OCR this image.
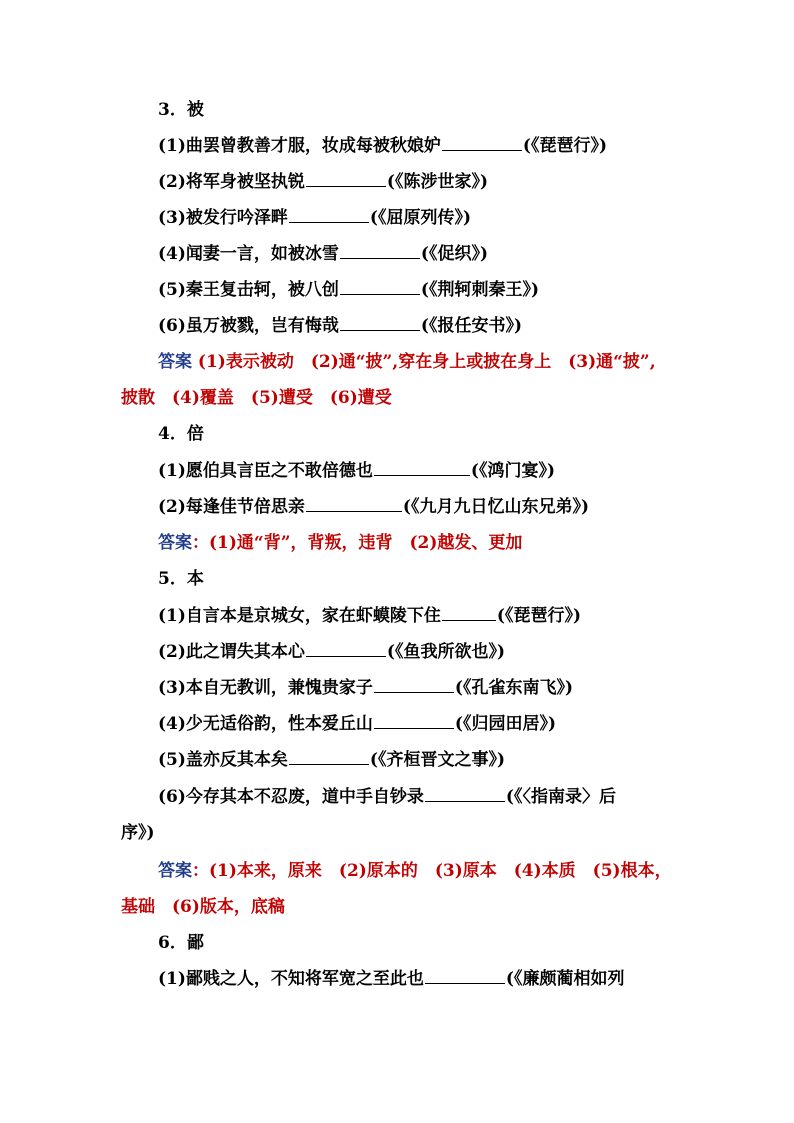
3．被
(1)曲罢曾教善才服，妆成每被秋娘妒	(《琵琶行》)
(2)将军身被坚执锐	(《陈涉世家》)
(3)被发行吟泽畔	(《屈原列传》)
(4)闻妻一言，如被冰雪	(《促织》)
(5)秦王复击轲，被八创	(《荆轲刺秦王》)
(6)虽万被戮，岂有悔哉	(《报任安书》)
答案 (1)表示被动　(2)通“披”,穿在身上或披在身上　(3)通“披”,
披散　(4)覆盖　(5)遭受　(6)遭受
4．倍
(1)愿伯具言臣之不敢倍德也	(《鸿门宴》)
(2)每逢佳节倍思亲	(《九月九日忆山东兄弟》)
答案：(1)通“背”，背叛，违背　(2)越发、更加
5．本
(1)自言本是京城女，家在虾蟆陵下住	(《琵琶行》)
(2)此之谓失其本心	(《鱼我所欲也》)
(3)本自无教训，兼愧贵家子	(《孔雀东南飞》)
(4)少无适俗韵，性本爱丘山	(《归园田居》)
(5)盖亦反其本矣	(《齐桓晋文之事》)
(6)今存其本不忍废，道中手自钞录	(《〈指南录〉后
序》)
答案：(1)本来，原来　(2)原本的　(3)原本　(4)本质　(5)根本，
基础　(6)版本，底稿
6．鄙
(1)鄙贱之人，不知将军宽之至此也	(《廉颇蔺相如列
